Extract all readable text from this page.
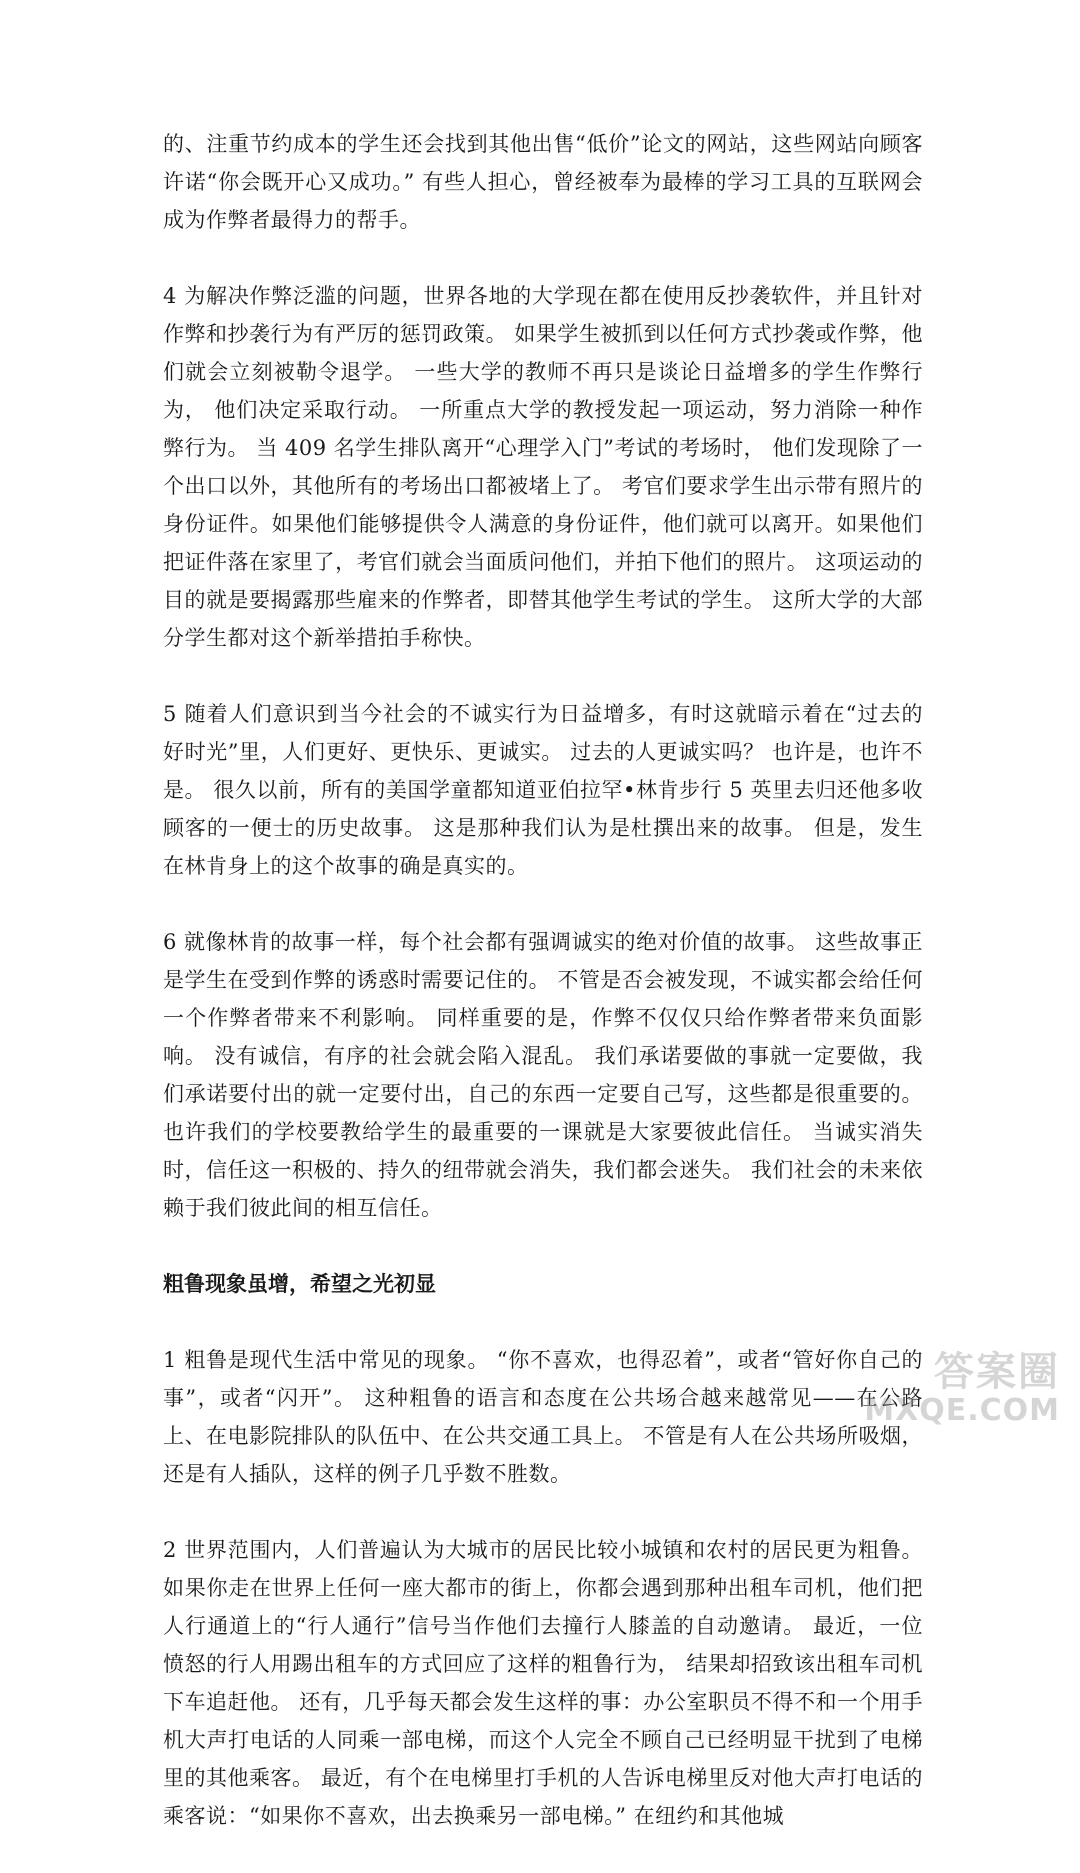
的、注重节约成本的学生还会找到其他出售“低价”论文的网站，这些网站向顾客许诺“你会既开心又成功。” 有些人担心，曾经被奉为最棒的学习工具的互联网会成为作弊者最得力的帮手。

4 为解决作弊泛滥的问题，世界各地的大学现在都在使用反抄袭软件，并且针对作弊和抄袭行为有严厉的惩罚政策。 如果学生被抓到以任何方式抄袭或作弊，他们就会立刻被勒令退学。 一些大学的教师不再只是谈论日益增多的学生作弊行为， 他们决定采取行动。 一所重点大学的教授发起一项运动，努力消除一种作弊行为。 当 409 名学生排队离开“心理学入门”考试的考场时， 他们发现除了一个出口以外，其他所有的考场出口都被堵上了。 考官们要求学生出示带有照片的身份证件。如果他们能够提供令人满意的身份证件，他们就可以离开。如果他们把证件落在家里了，考官们就会当面质问他们，并拍下他们的照片。 这项运动的目的就是要揭露那些雇来的作弊者，即替其他学生考试的学生。 这所大学的大部分学生都对这个新举措拍手称快。

5 随着人们意识到当今社会的不诚实行为日益增多，有时这就暗示着在“过去的好时光”里，人们更好、更快乐、更诚实。 过去的人更诚实吗？ 也许是，也许不是。 很久以前，所有的美国学童都知道亚伯拉罕•林肯步行 5 英里去归还他多收顾客的一便士的历史故事。 这是那种我们认为是杜撰出来的故事。 但是，发生在林肯身上的这个故事的确是真实的。

6 就像林肯的故事一样，每个社会都有强调诚实的绝对价值的故事。 这些故事正是学生在受到作弊的诱惑时需要记住的。 不管是否会被发现，不诚实都会给任何一个作弊者带来不利影响。 同样重要的是，作弊不仅仅只给作弊者带来负面影响。 没有诚信，有序的社会就会陷入混乱。 我们承诺要做的事就一定要做，我们承诺要付出的就一定要付出，自己的东西一定要自己写，这些都是很重要的。也许我们的学校要教给学生的最重要的一课就是大家要彼此信任。 当诚实消失时，信任这一积极的、持久的纽带就会消失，我们都会迷失。 我们社会的未来依赖于我们彼此间的相互信任。

粗鲁现象虽增，希望之光初显

1 粗鲁是现代生活中常见的现象。 “你不喜欢，也得忍着”，或者“管好你自己的事”，或者“闪开”。 这种粗鲁的语言和态度在公共场合越来越常见——在公路上、在电影院排队的队伍中、在公共交通工具上。 不管是有人在公共场所吸烟，还是有人插队，这样的例子几乎数不胜数。

2 世界范围内，人们普遍认为大城市的居民比较小城镇和农村的居民更为粗鲁。如果你走在世界上任何一座大都市的街上，你都会遇到那种出租车司机，他们把人行通道上的“行人通行”信号当作他们去撞行人膝盖的自动邀请。 最近，一位愤怒的行人用踢出租车的方式回应了这样的粗鲁行为， 结果却招致该出租车司机下车追赶他。 还有，几乎每天都会发生这样的事：办公室职员不得不和一个用手机大声打电话的人同乘一部电梯，而这个人完全不顾自己已经明显干扰到了电梯里的其他乘客。 最近，有个在电梯里打手机的人告诉电梯里反对他大声打电话的乘客说：“如果你不喜欢，出去换乘另一部电梯。” 在纽约和其他城

答案圈
MXQE.COM
